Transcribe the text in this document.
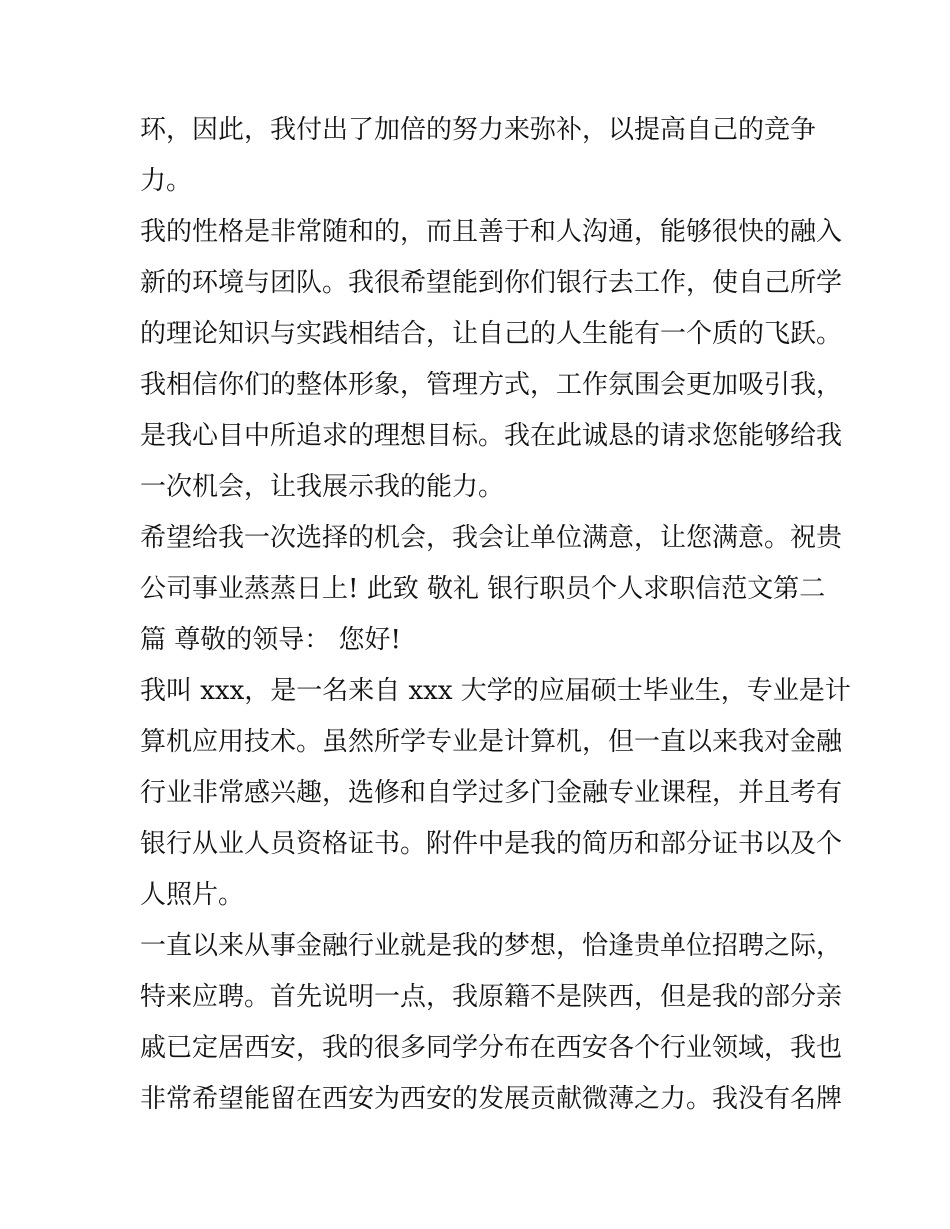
环，因此，我付出了加倍的努力来弥补，以提高自己的竞争
力。
我的性格是非常随和的，而且善于和人沟通，能够很快的融入
新的环境与团队。我很希望能到你们银行去工作，使自己所学
的理论知识与实践相结合，让自己的人生能有一个质的飞跃。
我相信你们的整体形象，管理方式，工作氛围会更加吸引我，
是我心目中所追求的理想目标。我在此诚恳的请求您能够给我
一次机会，让我展示我的能力。
希望给我一次选择的机会，我会让单位满意，让您满意。祝贵
公司事业蒸蒸日上! 此致 敬礼 银行职员个人求职信范文第二
篇 尊敬的领导： 您好!
我叫 xxx，是一名来自 xxx 大学的应届硕士毕业生，专业是计
算机应用技术。虽然所学专业是计算机，但一直以来我对金融
行业非常感兴趣，选修和自学过多门金融专业课程，并且考有
银行从业人员资格证书。附件中是我的简历和部分证书以及个
人照片。
一直以来从事金融行业就是我的梦想，恰逢贵单位招聘之际，
特来应聘。首先说明一点，我原籍不是陕西，但是我的部分亲
戚已定居西安，我的很多同学分布在西安各个行业领域，我也
非常希望能留在西安为西安的发展贡献微薄之力。我没有名牌
